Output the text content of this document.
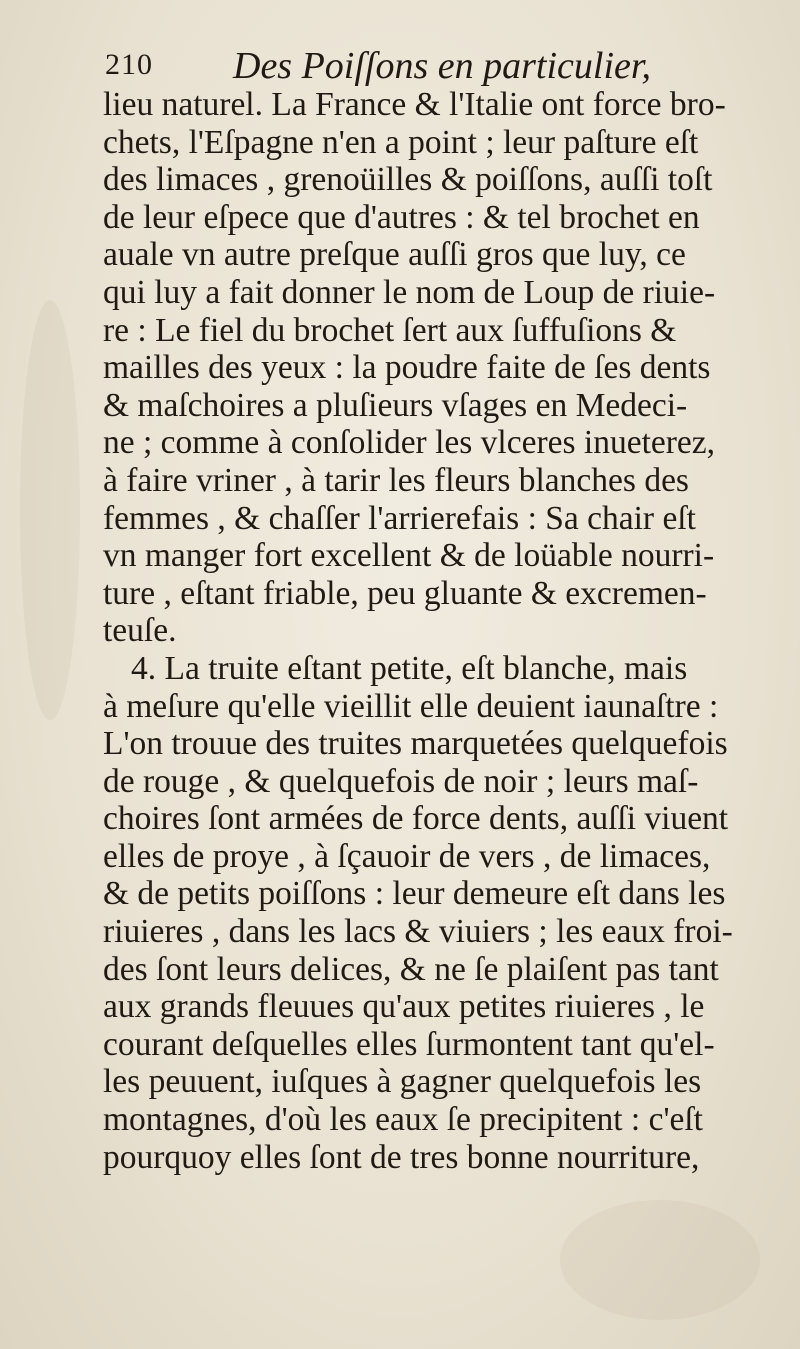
210 Des Poiſſons en particulier,
lieu naturel. La France & l'Italie ont force bro-
chets, l'Eſpagne n'en a point ; leur paſture eſt
des limaces , grenoüilles & poiſſons, auſſi toſt
de leur eſpece que d'autres : & tel brochet en
auale vn autre preſque auſſi gros que luy, ce
qui luy a fait donner le nom de Loup de riuie-
re : Le fiel du brochet ſert aux ſuffuſions &
mailles des yeux : la poudre faite de ſes dents
& maſchoires a pluſieurs vſages en Medeci-
ne ; comme à conſolider les vlceres inueterez,
à faire vriner , à tarir les fleurs blanches des
femmes , & chaſſer l'arrierefais : Sa chair eſt
vn manger fort excellent & de loüable nourri-
ture , eſtant friable, peu gluante & excremen-
teuſe.
4. La truite eſtant petite, eſt blanche, mais
à meſure qu'elle vieillit elle deuient iaunaſtre :
L'on trouue des truites marquetées quelquefois
de rouge , & quelquefois de noir ; leurs maſ-
choires ſont armées de force dents, auſſi viuent
elles de proye , à ſçauoir de vers , de limaces,
& de petits poiſſons : leur demeure eſt dans les
riuieres , dans les lacs & viuiers ; les eaux froi-
des ſont leurs delices, & ne ſe plaiſent pas tant
aux grands fleuues qu'aux petites riuieres , le
courant deſquelles elles ſurmontent tant qu'el-
les peuuent, iuſques à gagner quelquefois les
montagnes, d'où les eaux ſe precipitent : c'eſt
pourquoy elles ſont de tres bonne nourriture,
